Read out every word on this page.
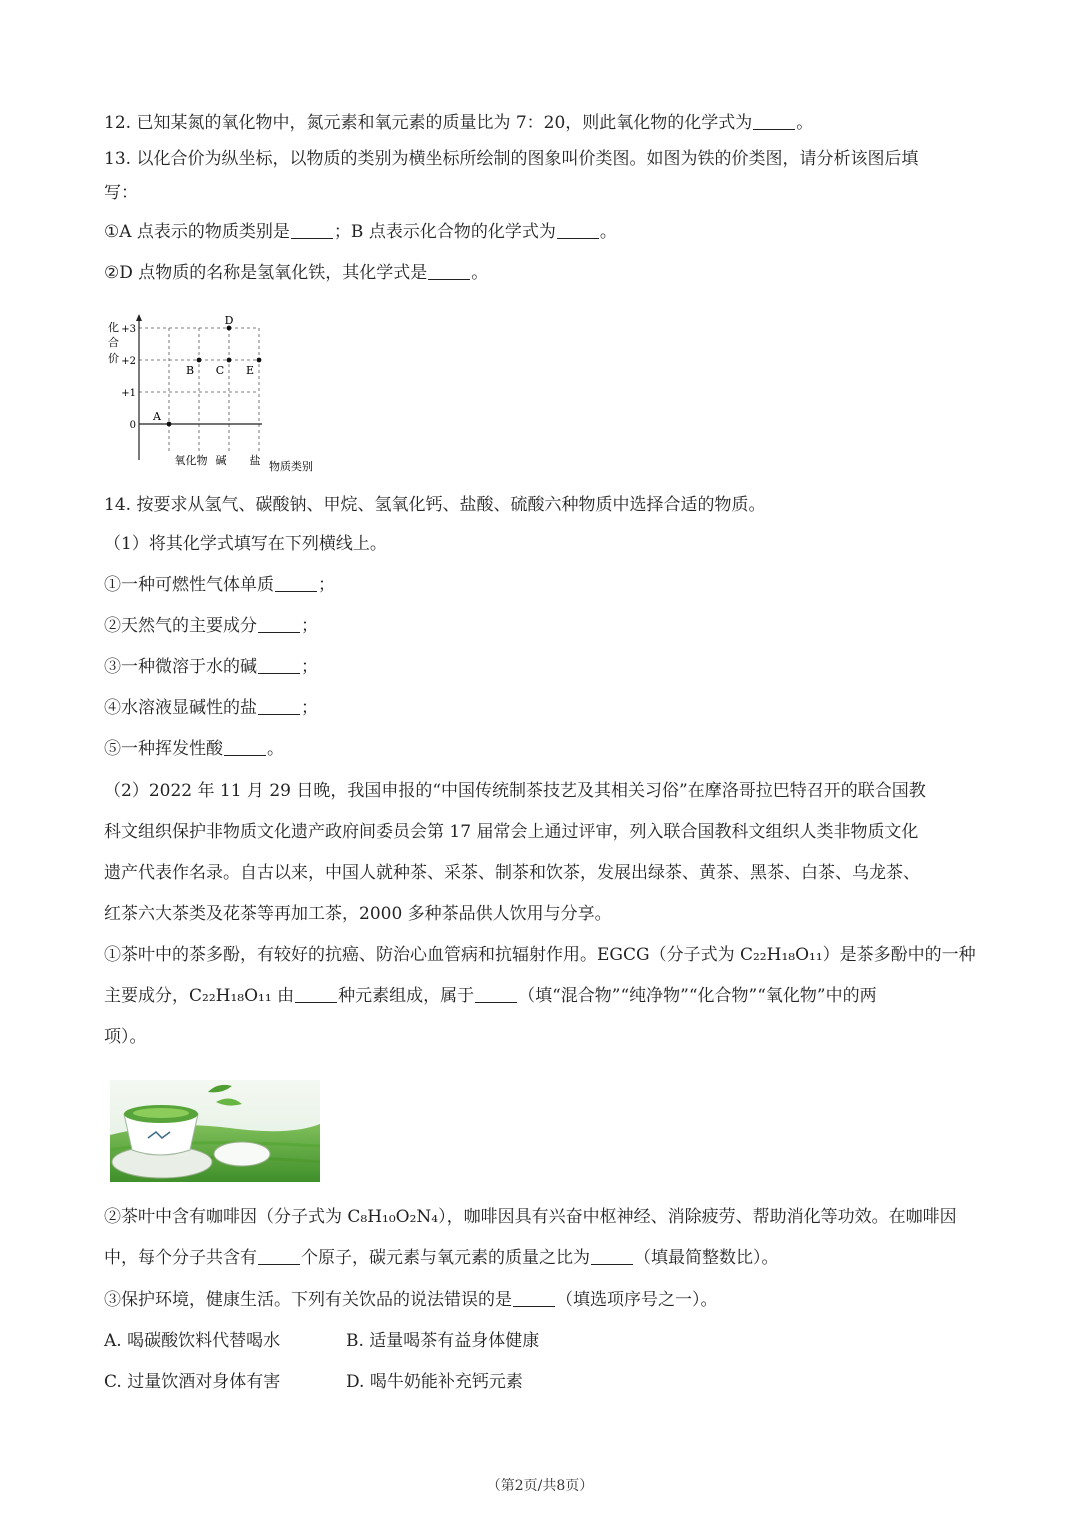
12. 已知某氮的氧化物中，氮元素和氧元素的质量比为 7：20，则此氧化物的化学式为	。
13. 以化合价为纵坐标，以物质的类别为横坐标所绘制的图象叫价类图。如图为铁的价类图，请分析该图后填
写：
①A 点表示的物质类别是	；B 点表示化合物的化学式为	。
②D 点物质的名称是氢氧化铁，其化学式是	。
化
合
价
+3
+2
+1
0
氧化物 碱 盐 物质类别
A
B C
D
E
14. 按要求从氢气、碳酸钠、甲烷、氢氧化钙、盐酸、硫酸六种物质中选择合适的物质。
（1）将其化学式填写在下列横线上。
①一种可燃性气体单质	；
②天然气的主要成分	；
③一种微溶于水的碱	；
④水溶液显碱性的盐	；
⑤一种挥发性酸	。
（2）2022 年 11 月 29 日晚，我国申报的“中国传统制茶技艺及其相关习俗”在摩洛哥拉巴特召开的联合国教
科文组织保护非物质文化遗产政府间委员会第 17 届常会上通过评审，列入联合国教科文组织人类非物质文化
遗产代表作名录。自古以来，中国人就种茶、采茶、制茶和饮茶，发展出绿茶、黄茶、黑茶、白茶、乌龙茶、
红茶六大茶类及花茶等再加工茶，2000 多种茶品供人饮用与分享。
①茶叶中的茶多酚，有较好的抗癌、防治心血管病和抗辐射作用。EGCG（分子式为 C₂₂H₁₈O₁₁）是茶多酚中的一种
主要成分，C₂₂H₁₈O₁₁ 由	种元素组成，属于	（填“混合物”“纯净物”“化合物”“氧化物”中的两
项）。
②茶叶中含有咖啡因（分子式为 C₈H₁₀O₂N₄），咖啡因具有兴奋中枢神经、消除疲劳、帮助消化等功效。在咖啡因
中，每个分子共含有	个原子，碳元素与氧元素的质量之比为	（填最简整数比）。
③保护环境，健康生活。下列有关饮品的说法错误的是	（填选项序号之一）。
A. 喝碳酸饮料代替喝水	B. 适量喝茶有益身体健康
C. 过量饮酒对身体有害	D. 喝牛奶能补充钙元素
（第2页/共8页）
